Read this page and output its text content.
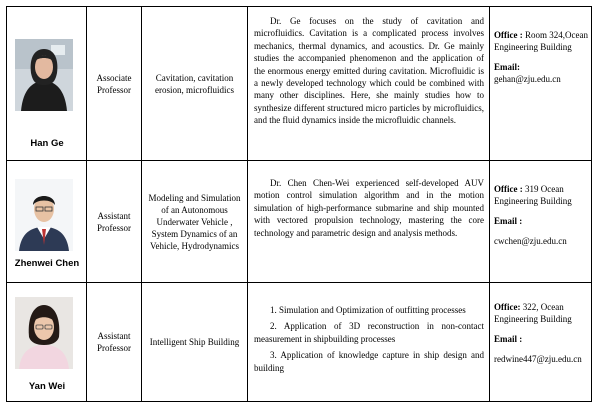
Han Ge
Associate Professor
Cavitation, cavitation erosion, microfluidics

Dr. Ge focuses on the study of cavitation and microfluidics. Cavitation is a complicated process involves mechanics, thermal dynamics, and acoustics. Dr. Ge mainly studies the accompanied phenomenon and the application of the enormous energy emitted during cavitation. Microfluidic is a newly developed technology which could be combined with many other disciplines. Here, she mainly studies how to synthesize different structured micro particles by microfluidics, and the fluid dynamics inside the microfluidic channels.

Office : Room 324,Ocean Engineering Building
Email:
gehan@zju.edu.cn
Zhenwei Chen
Assistant Professor
Modeling and Simulation of an Autonomous Underwater Vehicle , System Dynamics of an Vehicle, Hydrodynamics

Dr. Chen Chen-Wei experienced self-developed AUV motion control simulation algorithm and in the motion simulation of high-performance submarine and ship mounted with vectored propulsion technology, mastering the core technology and parametric design and analysis methods.

Office : 319 Ocean Engineering Building
Email :
cwchen@zju.edu.cn
Yan Wei
Assistant Professor
Intelligent Ship Building

1. Simulation and Optimization of outfitting processes

2. Application of 3D reconstruction in non-contact measurement in shipbuilding processes

3. Application of knowledge capture in ship design and building

Office: 322, Ocean Engineering Building
Email :
redwine447@zju.edu.cn
